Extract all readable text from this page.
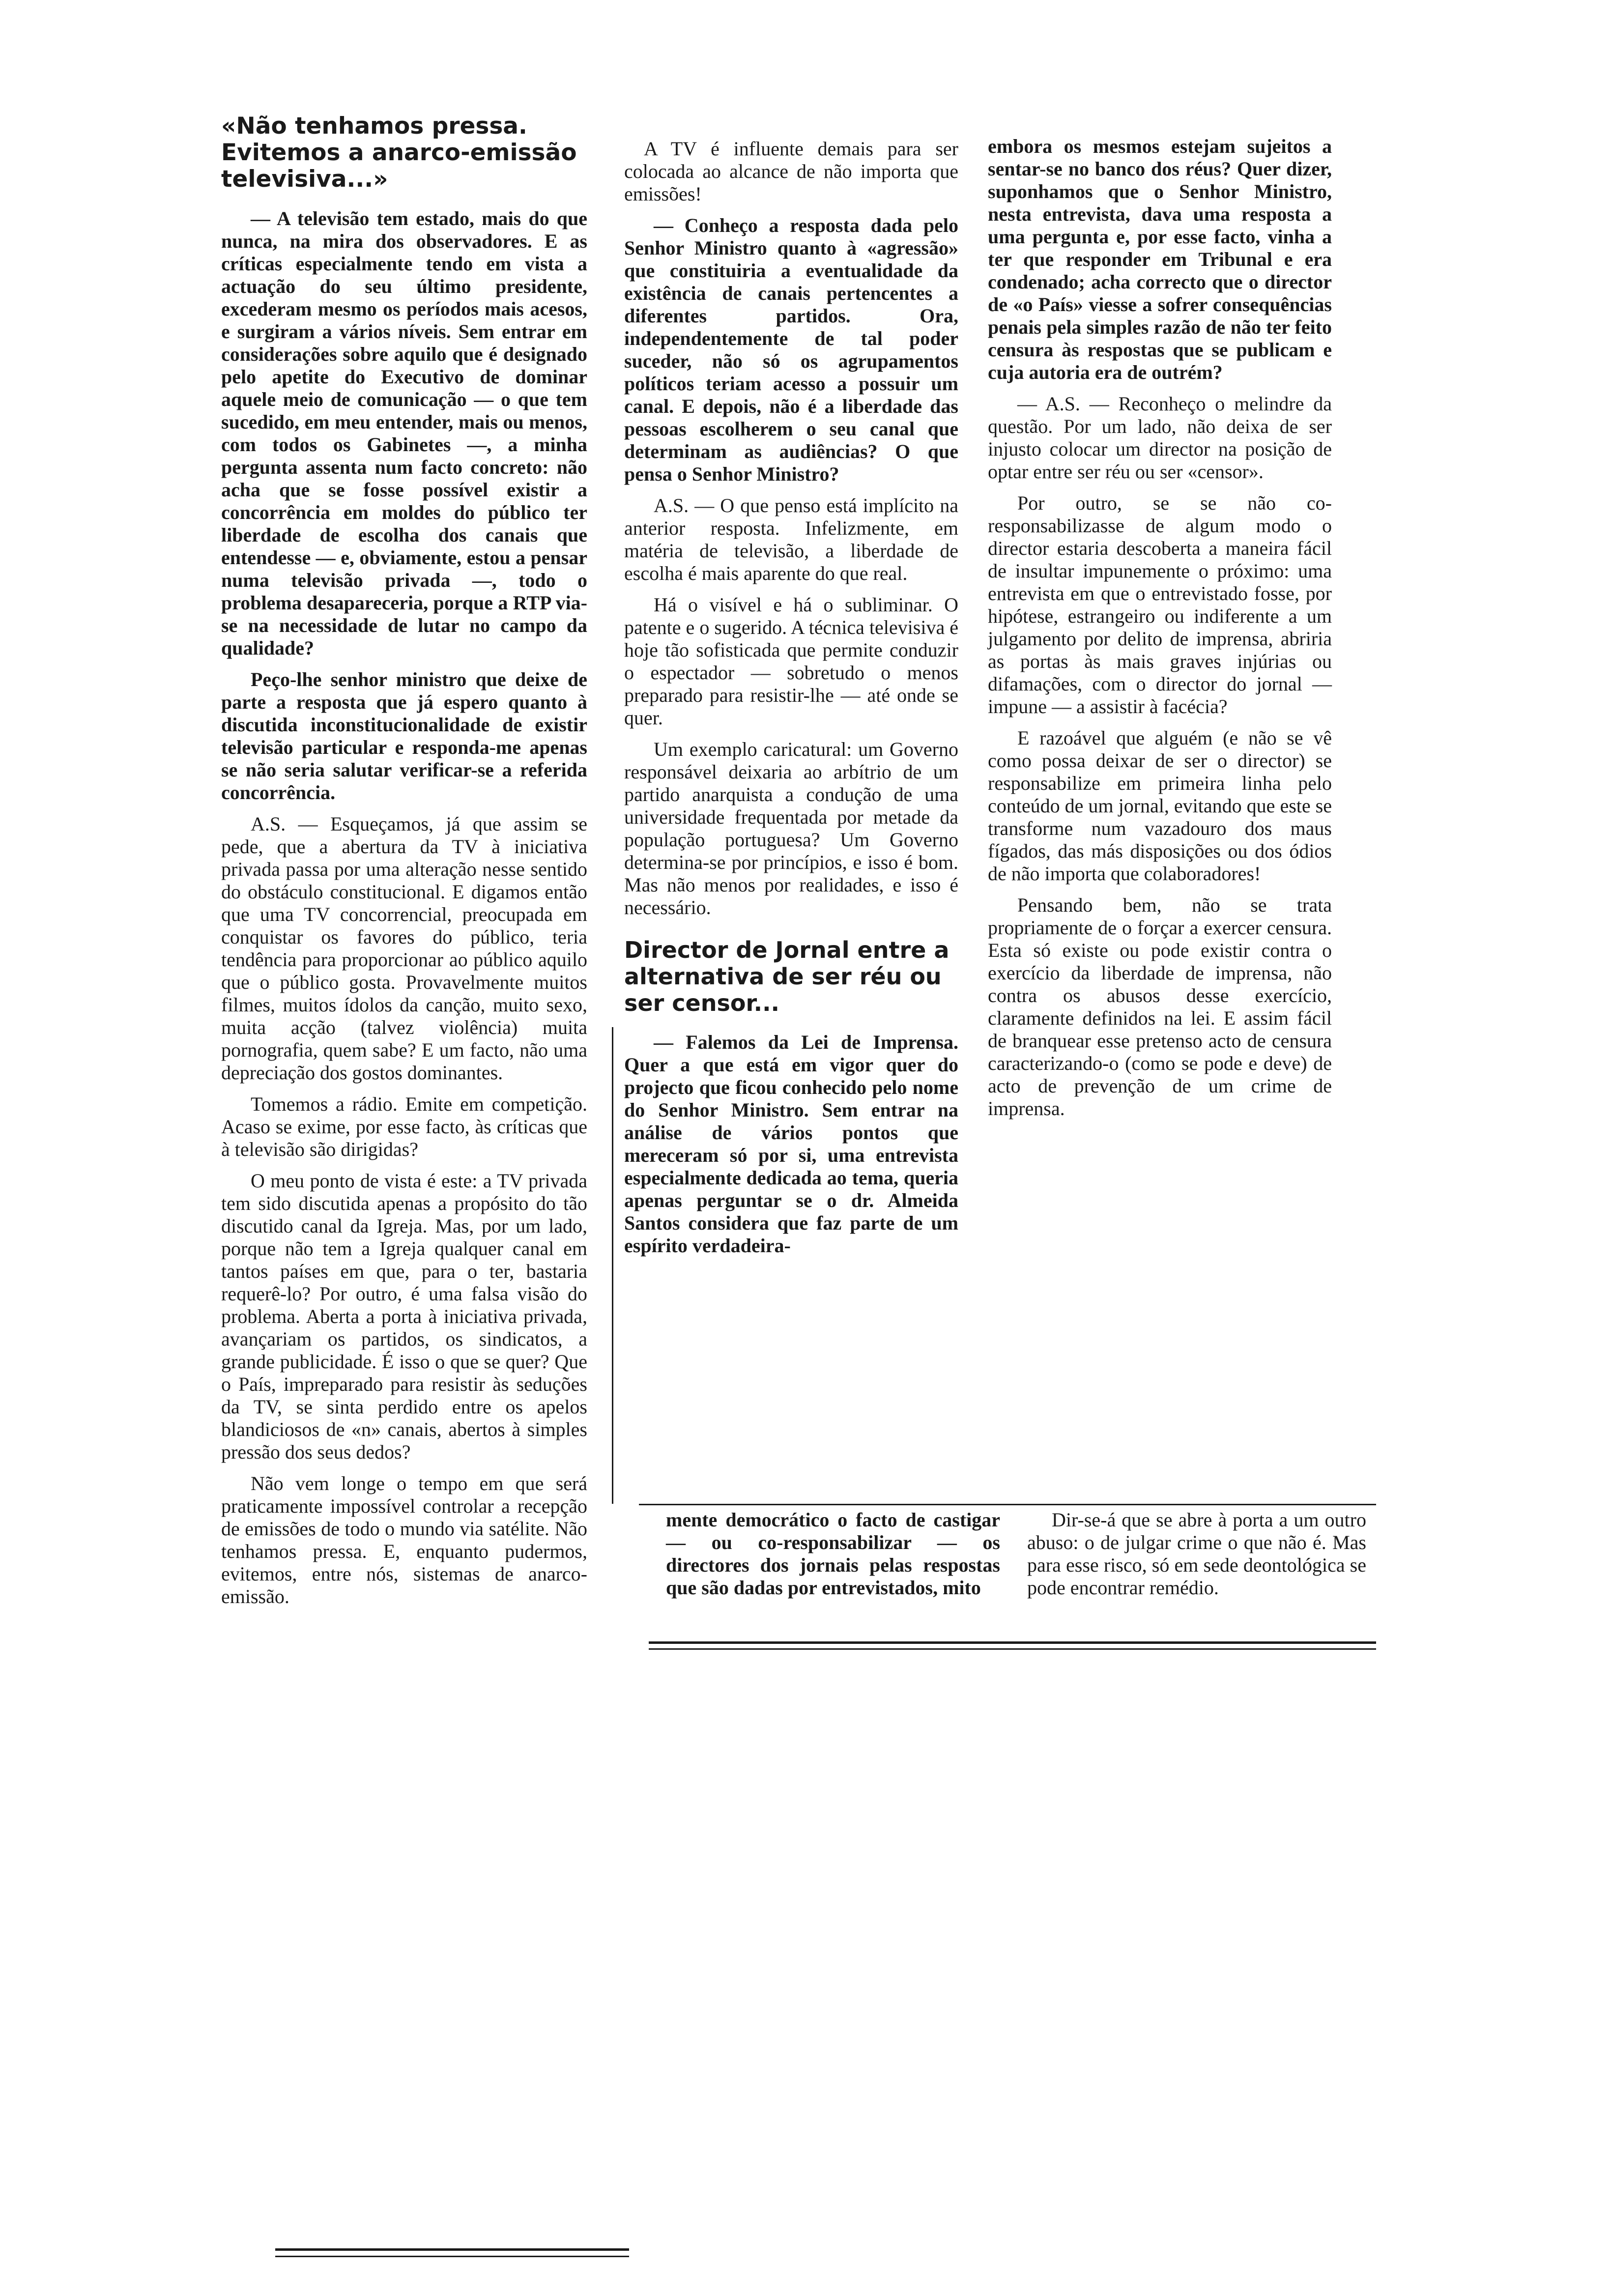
«Não tenhamos pressa. Evitemos a anarco-emissão televisiva...»

— A televisão tem estado, mais do que nunca, na mira dos observadores. E as críticas especialmente tendo em vista a actuação do seu último presidente, excederam mesmo os períodos mais acesos, e surgiram a vários níveis. Sem entrar em considerações sobre aquilo que é designado pelo apetite do Executivo de dominar aquele meio de comunicação — o que tem sucedido, em meu entender, mais ou menos, com todos os Gabinetes —, a minha pergunta assenta num facto concreto: não acha que se fosse possível existir a concorrência em moldes do público ter liberdade de escolha dos canais que entendesse — e, obviamente, estou a pensar numa televisão privada —, todo o problema desapareceria, porque a RTP via-se na necessidade de lutar no campo da qualidade?

Peço-lhe senhor ministro que deixe de parte a resposta que já espero quanto à discutida inconstitucionalidade de existir televisão particular e responda-me apenas se não seria salutar verificar-se a referida concorrência.

A.S. — Esqueçamos, já que assim se pede, que a abertura da TV à iniciativa privada passa por uma alteração nesse sentido do obstáculo constitucional. E digamos então que uma TV concorrencial, preocupada em conquistar os favores do público, teria tendência para proporcionar ao público aquilo que o público gosta. Provavelmente muitos filmes, muitos ídolos da canção, muito sexo, muita acção (talvez violência) muita pornografia, quem sabe? E um facto, não uma depreciação dos gostos dominantes.

Tomemos a rádio. Emite em competição. Acaso se exime, por esse facto, às críticas que à televisão são dirigidas?

O meu ponto de vista é este: a TV privada tem sido discutida apenas a propósito do tão discutido canal da Igreja. Mas, por um lado, porque não tem a Igreja qualquer canal em tantos países em que, para o ter, bastaria requerê-lo? Por outro, é uma falsa visão do problema. Aberta a porta à iniciativa privada, avançariam os partidos, os sindicatos, a grande publicidade. É isso o que se quer? Que o País, impreparado para resistir às seduções da TV, se sinta perdido entre os apelos blandiciosos de «n» canais, abertos à simples pressão dos seus dedos?

Não vem longe o tempo em que será praticamente impossível controlar a recepção de emissões de todo o mundo via satélite. Não tenhamos pressa. E, enquanto pudermos, evitemos, entre nós, sistemas de anarco-emissão.

A TV é influente demais para ser colocada ao alcance de não importa que emissões!

— Conheço a resposta dada pelo Senhor Ministro quanto à «agressão» que constituiria a eventualidade da existência de canais pertencentes a diferentes partidos. Ora, independentemente de tal poder suceder, não só os agrupamentos políticos teriam acesso a possuir um canal. E depois, não é a liberdade das pessoas escolherem o seu canal que determinam as audiências? O que pensa o Senhor Ministro?

A.S. — O que penso está implícito na anterior resposta. Infelizmente, em matéria de televisão, a liberdade de escolha é mais aparente do que real.

Há o visível e há o subliminar. O patente e o sugerido. A técnica televisiva é hoje tão sofisticada que permite conduzir o espectador — sobretudo o menos preparado para resistir-lhe — até onde se quer.

Um exemplo caricatural: um Governo responsável deixaria ao arbítrio de um partido anarquista a condução de uma universidade frequentada por metade da população portuguesa? Um Governo determina-se por princípios, e isso é bom. Mas não menos por realidades, e isso é necessário.

Director de Jornal entre a alternativa de ser réu ou ser censor...

— Falemos da Lei de Imprensa. Quer a que está em vigor quer do projecto que ficou conhecido pelo nome do Senhor Ministro. Sem entrar na análise de vários pontos que mereceram só por si, uma entrevista especialmente dedicada ao tema, queria apenas perguntar se o dr. Almeida Santos considera que faz parte de um espírito verdadeira-

embora os mesmos estejam sujeitos a sentar-se no banco dos réus? Quer dizer, suponhamos que o Senhor Ministro, nesta entrevista, dava uma resposta a uma pergunta e, por esse facto, vinha a ter que responder em Tribunal e era condenado; acha correcto que o director de «o País» viesse a sofrer consequências penais pela simples razão de não ter feito censura às respostas que se publicam e cuja autoria era de outrém?

— A.S. — Reconheço o melindre da questão. Por um lado, não deixa de ser injusto colocar um director na posição de optar entre ser réu ou ser «censor».

Por outro, se se não co-responsabilizasse de algum modo o director estaria descoberta a maneira fácil de insultar impunemente o próximo: uma entrevista em que o entrevistado fosse, por hipótese, estrangeiro ou indiferente a um julgamento por delito de imprensa, abriria as portas às mais graves injúrias ou difamações, com o director do jornal — impune — a assistir à facécia?

E razoável que alguém (e não se vê como possa deixar de ser o director) se responsabilize em primeira linha pelo conteúdo de um jornal, evitando que este se transforme num vazadouro dos maus fígados, das más disposições ou dos ódios de não importa que colaboradores!

Pensando bem, não se trata propriamente de o forçar a exercer censura. Esta só existe ou pode existir contra o exercício da liberdade de imprensa, não contra os abusos desse exercício, claramente definidos na lei. E assim fácil de branquear esse pretenso acto de censura caracterizando-o (como se pode e deve) de acto de prevenção de um crime de imprensa.

mente democrático o facto de castigar — ou co-responsabilizar — os directores dos jornais pelas respostas que são dadas por entrevistados, mito

Dir-se-á que se abre à porta a um outro abuso: o de julgar crime o que não é. Mas para esse risco, só em sede deontológica se pode encontrar remédio.
